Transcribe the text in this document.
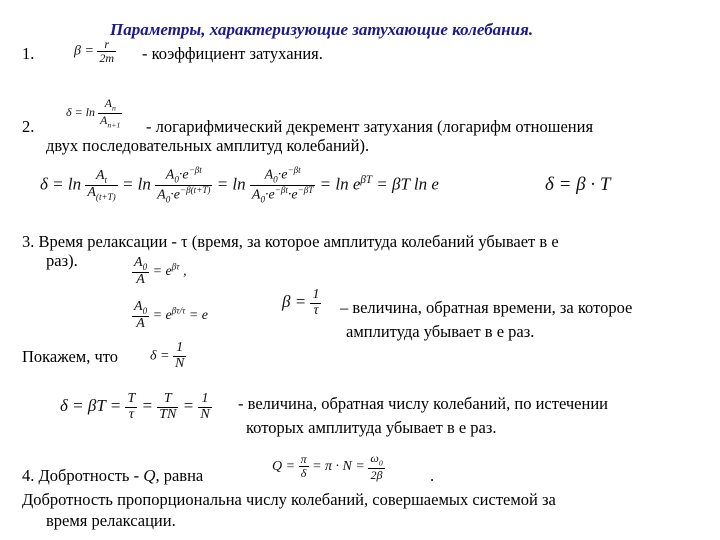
Параметры, характеризующие затухающие колебания.
1.	$\beta = \frac{r}{2m}$ - коэффициент затухания.
2.
$\delta = \ln \frac{A_n}{A_{n+1}}$ - логарифмический декремент затухания (логарифм отношения
двух последовательных амплитуд колебаний).
$\delta = \ln \frac{A_t}{A_{(t+T)}} = \ln \frac{A_0\cdot e^{-\beta t}}{A_0\cdot e^{-\beta(t+T)}} = \ln \frac{A_0\cdot e^{-\beta t}}{A_0\cdot e^{-\beta t}\cdot e^{-\beta T}} = \ln e^{\beta T} = \beta T$ ln e	δ = β · T
3. Время релаксации - τ (время, за которое амплитуда колебаний убывает в e
раз).	$\frac{A_0}{A} = e^{\beta\tau}$ ,
$\frac{A_0}{A} = e^{\beta\tau/\tau} = e$
$\beta = \frac{1}{\tau}$ – величина, обратная времени, за которое
амплитуда убывает в e раз.
Покажем, что $\delta = \frac{1}{N}$
$\delta = \beta T = \frac{T}{\tau} = \frac{T}{TN} = \frac{1}{N}$ - величина, обратная числу колебаний, по истечении
которых амплитуда убывает в e раз.
4. Добротность - Q, равна	$Q = \frac{\pi}{\delta} = \pi \cdot N = \frac{\omega_0}{2\beta}$	.
Добротность пропорциональна числу колебаний, совершаемых системой за
время релаксации.
